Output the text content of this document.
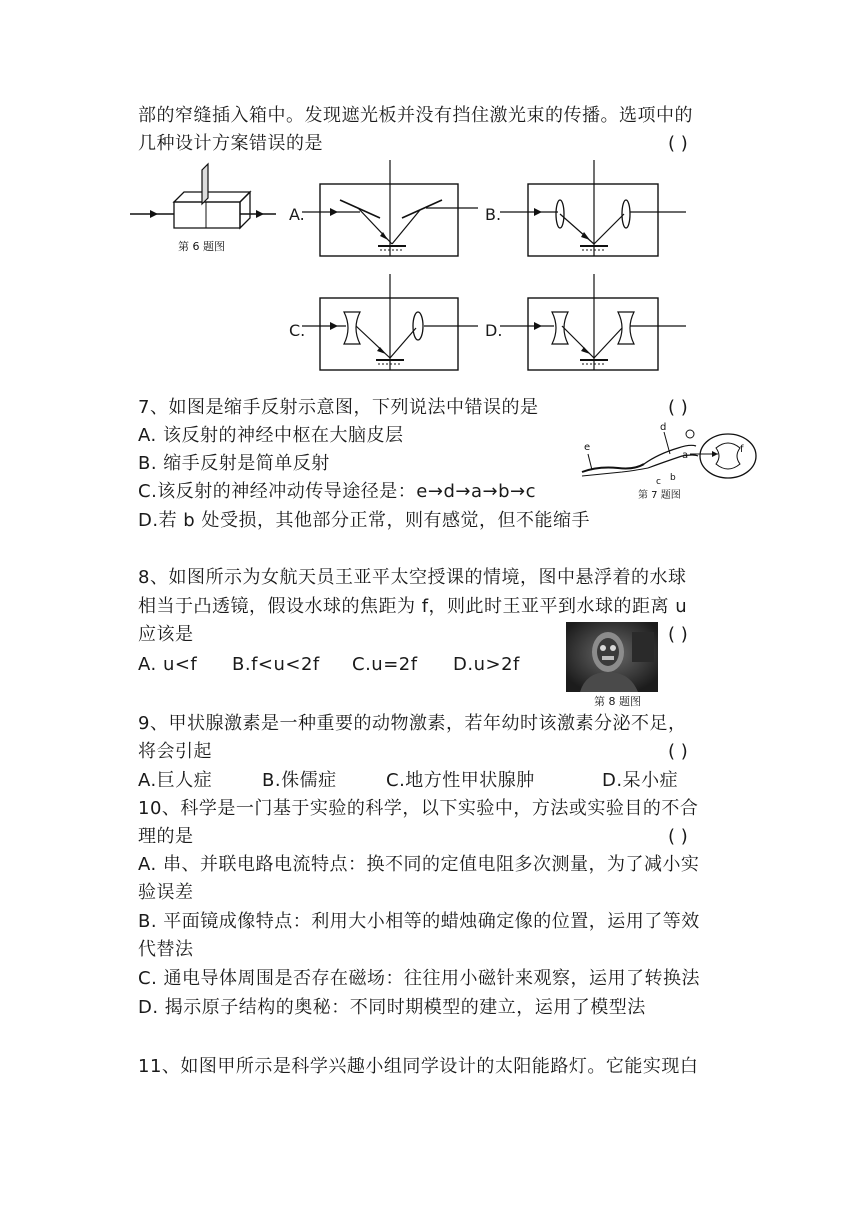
部的窄缝插入箱中。发现遮光板并没有挡住激光束的传播。选项中的
几种设计方案错误的是	( )
第 6 题图
A.	B.
C.	D.
7、如图是缩手反射示意图，下列说法中错误的是	( )
A. 该反射的神经中枢在大脑皮层
B. 缩手反射是简单反射
C.该反射的神经冲动传导途径是：e→d→a→b→c
D.若 b 处受损，其他部分正常，则有感觉，但不能缩手
e
d
a
f
c b
第 7 题图
8、如图所示为女航天员王亚平太空授课的情境，图中悬浮着的水球
相当于凸透镜，假设水球的焦距为 f，则此时王亚平到水球的距离 u
应该是	( )
A. u<f B.f<u<2f C.u=2f D.u>2f
第 8 题图
9、甲状腺激素是一种重要的动物激素，若年幼时该激素分泌不足，
将会引起	( )
A.巨人症	B.侏儒症	C.地方性甲状腺肿	D.呆小症
10、科学是一门基于实验的科学，以下实验中，方法或实验目的不合
理的是	( )
A. 串、并联电路电流特点：换不同的定值电阻多次测量，为了减小实
验误差
B. 平面镜成像特点：利用大小相等的蜡烛确定像的位置，运用了等效
代替法
C. 通电导体周围是否存在磁场：往往用小磁针来观察，运用了转换法
D. 揭示原子结构的奥秘：不同时期模型的建立，运用了模型法
11、如图甲所示是科学兴趣小组同学设计的太阳能路灯。它能实现白
